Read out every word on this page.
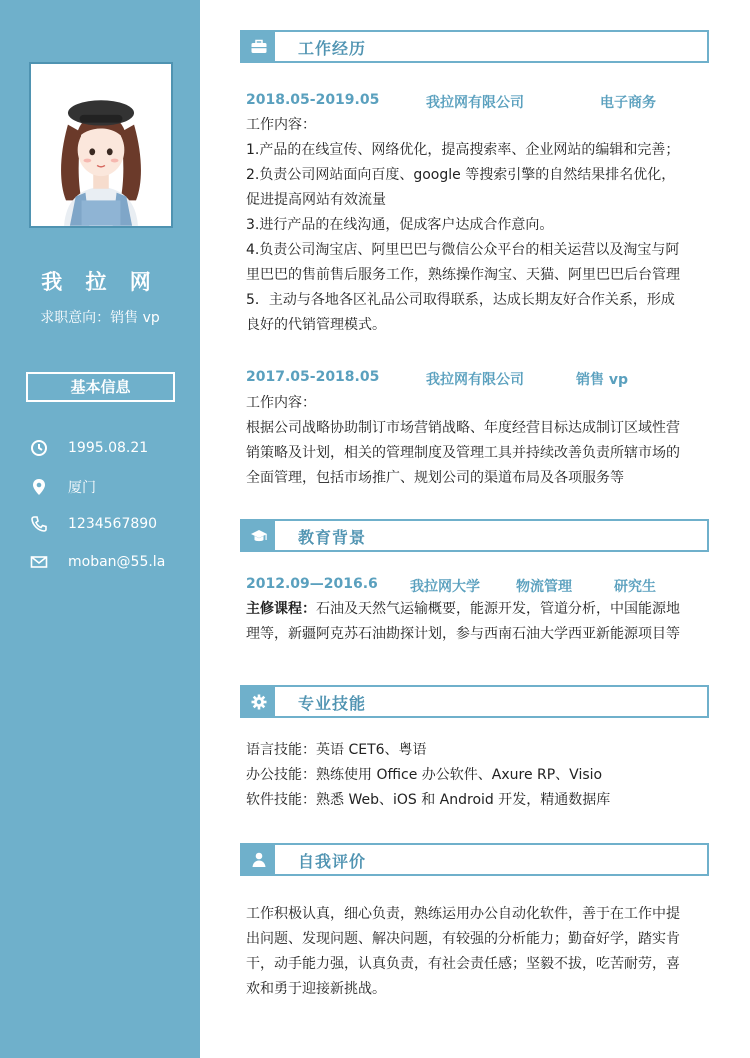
我 拉 网
求职意向：销售 vp
基本信息
1995.08.21
厦门
1234567890
moban@55.la
工作经历
2018.05-2019.05	我拉网有限公司	电子商务

工作内容：

1.产品的在线宣传、网络优化，提高搜索率、企业网站的编辑和完善；

2.负责公司网站面向百度、google 等搜索引擎的自然结果排名优化，

促进提高网站有效流量

3.进行产品的在线沟通，促成客户达成合作意向。

4.负责公司淘宝店、阿里巴巴与微信公众平台的相关运营以及淘宝与阿

里巴巴的售前售后服务工作，熟练操作淘宝、天猫、阿里巴巴后台管理

5．主动与各地各区礼品公司取得联系，达成长期友好合作关系，形成

良好的代销管理模式。

2017.05-2018.05	我拉网有限公司	销售 vp

工作内容：

根据公司战略协助制订市场营销战略、年度经营目标达成制订区域性营

销策略及计划，相关的管理制度及管理工具并持续改善负责所辖市场的

全面管理，包括市场推广、规划公司的渠道布局及各项服务等

教育背景
2012.09—2016.6 我拉网大学	物流管理	研究生

主修课程：石油及天然气运输概要，能源开发，管道分析，中国能源地

理等，新疆阿克苏石油勘探计划，参与西南石油大学西亚新能源项目等

专业技能

语言技能：英语 CET6、粤语

办公技能：熟练使用 Office 办公软件、Axure RP、Visio

软件技能：熟悉 Web、iOS 和 Android 开发，精通数据库

自我评价

工作积极认真，细心负责，熟练运用办公自动化软件，善于在工作中提

出问题、发现问题、解决问题，有较强的分析能力；勤奋好学，踏实肯

干，动手能力强，认真负责，有社会责任感；坚毅不拔，吃苦耐劳，喜

欢和勇于迎接新挑战。
